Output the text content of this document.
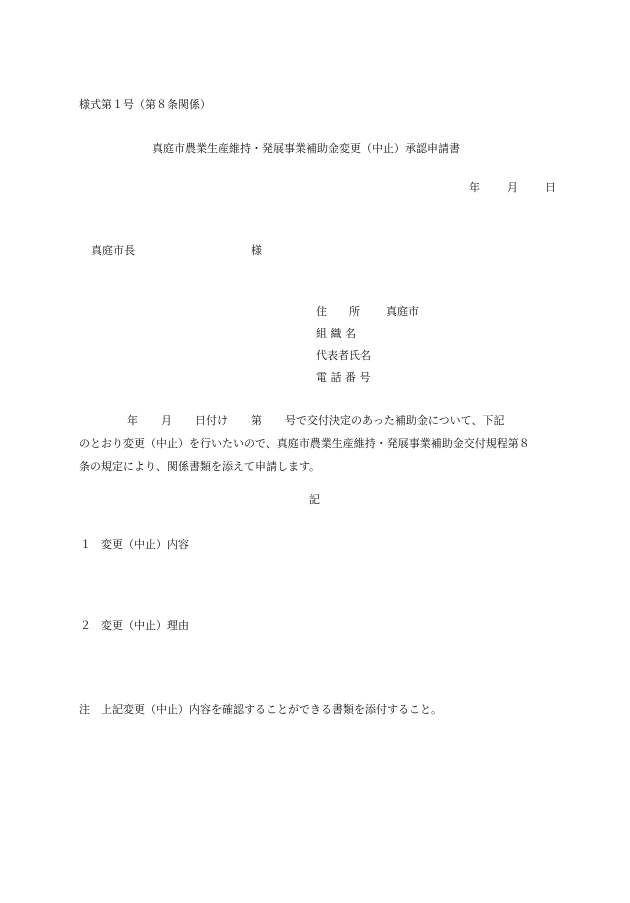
様式第１号（第８条関係）
真庭市農業生産維持・発展事業補助金変更（中止）承認申請書
年 月 日
真庭市長	様
住　　所	真庭市
組 織 名
代表者氏名
電 話 番 号
年 月 日付け 第 号で交付決定のあった補助金について、下記
のとおり変更（中止）を行いたいので、真庭市農業生産維持・発展事業補助金交付規程第８
条の規定により、関係書類を添えて申請します。
記
１ 変更（中止）内容
２ 変更（中止）理由
注　上記変更（中止）内容を確認することができる書類を添付すること。
